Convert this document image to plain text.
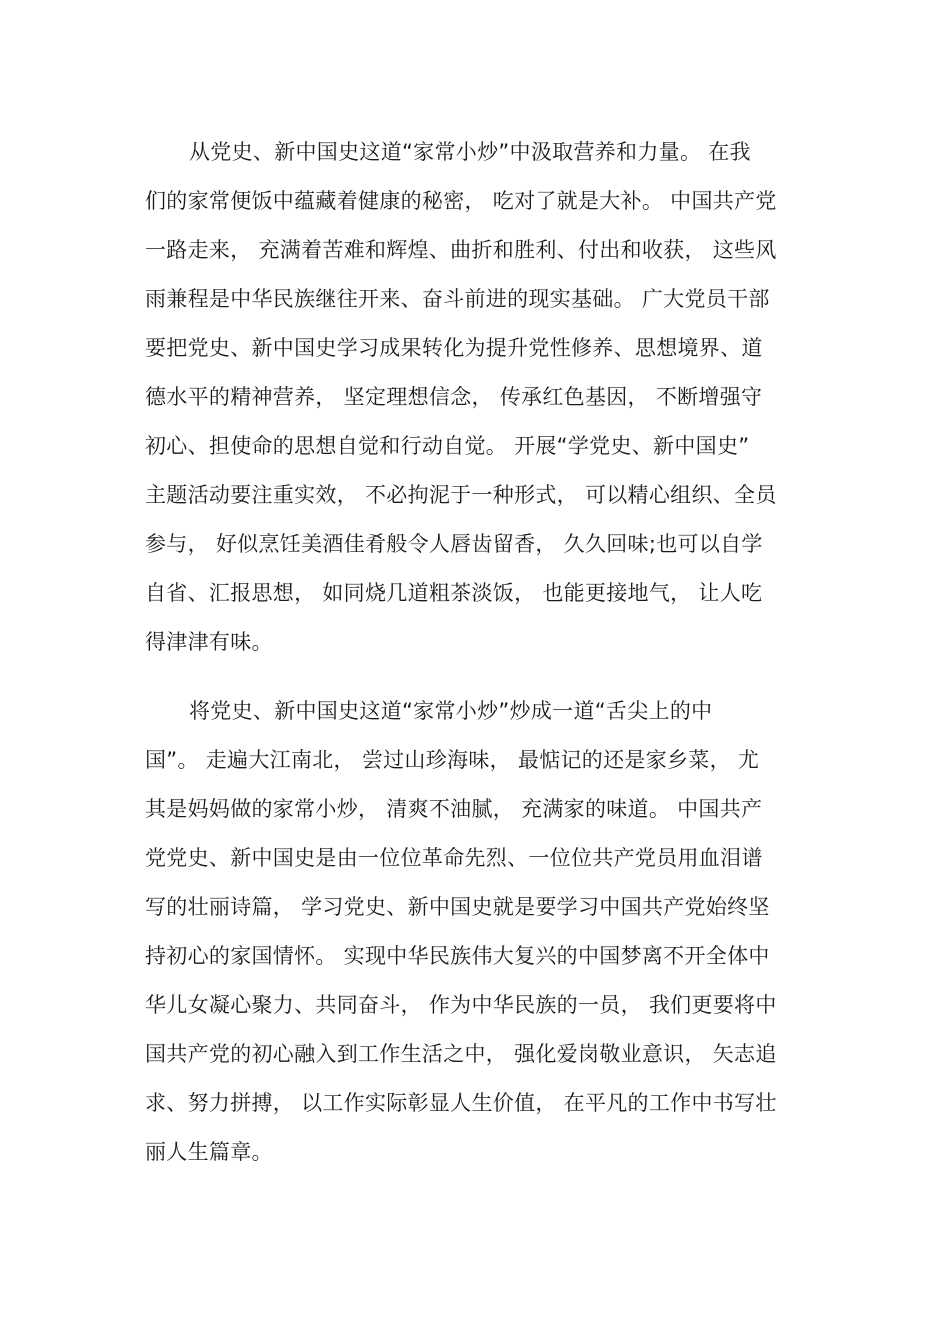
从党史、新中国史这道“家常小炒”中汲取营养和力量。 在我
们的家常便饭中蕴藏着健康的秘密， 吃对了就是大补。 中国共产党
一路走来， 充满着苦难和辉煌、曲折和胜利、付出和收获， 这些风
雨兼程是中华民族继往开来、奋斗前进的现实基础。 广大党员干部
要把党史、新中国史学习成果转化为提升党性修养、思想境界、道
德水平的精神营养， 坚定理想信念， 传承红色基因， 不断增强守
初心、担使命的思想自觉和行动自觉。 开展“学党史、新中国史”
主题活动要注重实效， 不必拘泥于一种形式， 可以精心组织、全员
参与， 好似烹饪美酒佳肴般令人唇齿留香， 久久回味;也可以自学
自省、汇报思想， 如同烧几道粗茶淡饭， 也能更接地气， 让人吃
得津津有味。
将党史、新中国史这道“家常小炒”炒成一道“舌尖上的中
国”。 走遍大江南北， 尝过山珍海味， 最惦记的还是家乡菜， 尤
其是妈妈做的家常小炒， 清爽不油腻， 充满家的味道。 中国共产
党党史、新中国史是由一位位革命先烈、一位位共产党员用血泪谱
写的壮丽诗篇， 学习党史、新中国史就是要学习中国共产党始终坚
持初心的家国情怀。 实现中华民族伟大复兴的中国梦离不开全体中
华儿女凝心聚力、共同奋斗， 作为中华民族的一员， 我们更要将中
国共产党的初心融入到工作生活之中， 强化爱岗敬业意识， 矢志追
求、努力拼搏， 以工作实际彰显人生价值， 在平凡的工作中书写壮
丽人生篇章。
